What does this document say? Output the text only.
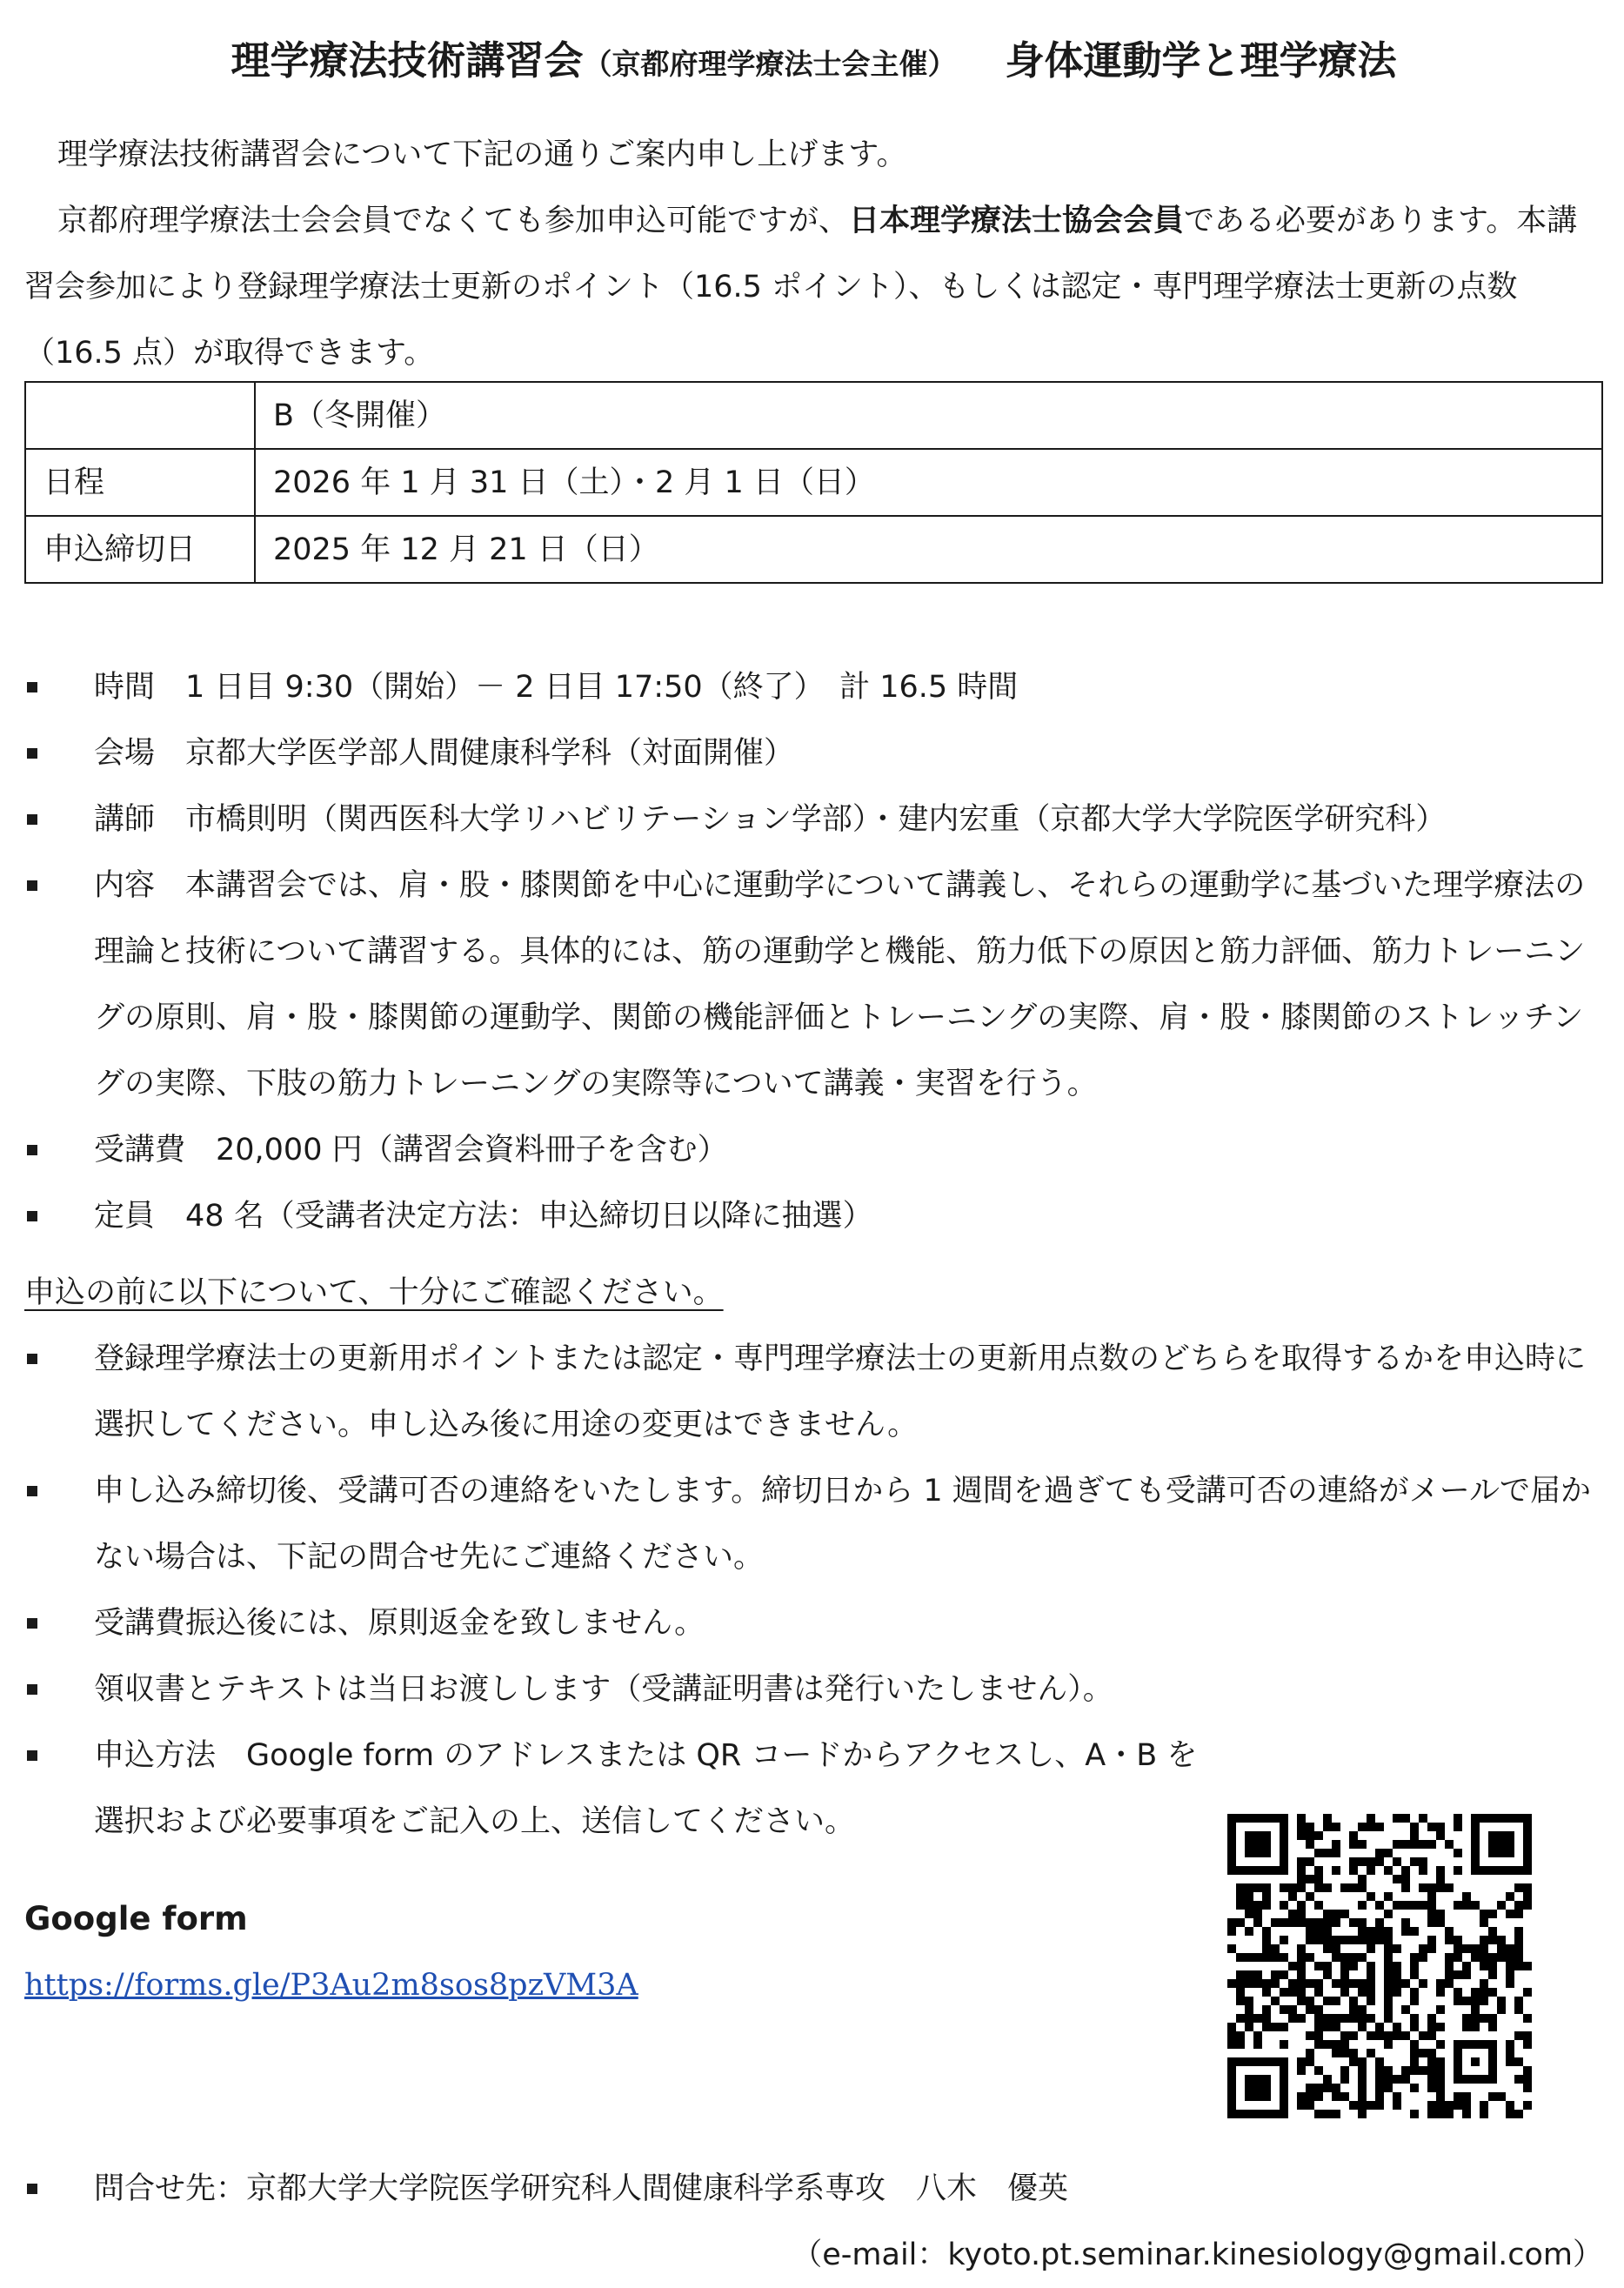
理学療法技術講習会（京都府理学療法士会主催） 身体運動学と理学療法

理学療法技術講習会について下記の通りご案内申し上げます。

京都府理学療法士会会員でなくても参加申込可能ですが、日本理学療法士協会会員である必要があります。本講習会参加により登録理学療法士更新のポイント（16.5 ポイント）、もしくは認定・専門理学療法士更新の点数（16.5 点）が取得できます。

	B（冬開催）
日程	2026 年 1 月 31 日（土）・2 月 1 日（日）
申込締切日	2025 年 12 月 21 日（日）
時間　1 日目 9:30（開始）－ 2 日目 17:50（終了）　計 16.5 時間
会場　京都大学医学部人間健康科学科（対面開催）
講師　市橋則明（関西医科大学リハビリテーション学部）・建内宏重（京都大学大学院医学研究科）
内容　本講習会では、肩・股・膝関節を中心に運動学について講義し、それらの運動学に基づいた理学療法の理論と技術について講習する。具体的には、筋の運動学と機能、筋力低下の原因と筋力評価、筋力トレーニングの原則、肩・股・膝関節の運動学、関節の機能評価とトレーニングの実際、肩・股・膝関節のストレッチングの実際、下肢の筋力トレーニングの実際等について講義・実習を行う。
受講費　20,000 円（講習会資料冊子を含む）
定員　48 名（受講者決定方法：申込締切日以降に抽選）

申込の前に以下について、十分にご確認ください。

登録理学療法士の更新用ポイントまたは認定・専門理学療法士の更新用点数のどちらを取得するかを申込時に選択してください。申し込み後に用途の変更はできません。
申し込み締切後、受講可否の連絡をいたします。締切日から 1 週間を過ぎても受講可否の連絡がメールで届かない場合は、下記の問合せ先にご連絡ください。
受講費振込後には、原則返金を致しません。
領収書とテキストは当日お渡しします（受講証明書は発行いたしません）。
申込方法　Google form のアドレスまたは QR コードからアクセスし、A・B を選択および必要事項をご記入の上、送信してください。

Google form

https://forms.gle/P3Au2m8sos8pzVM3A
問合せ先：京都大学大学院医学研究科人間健康科学系専攻　八木　優英

（e-mail：kyoto.pt.seminar.kinesiology@gmail.com）
